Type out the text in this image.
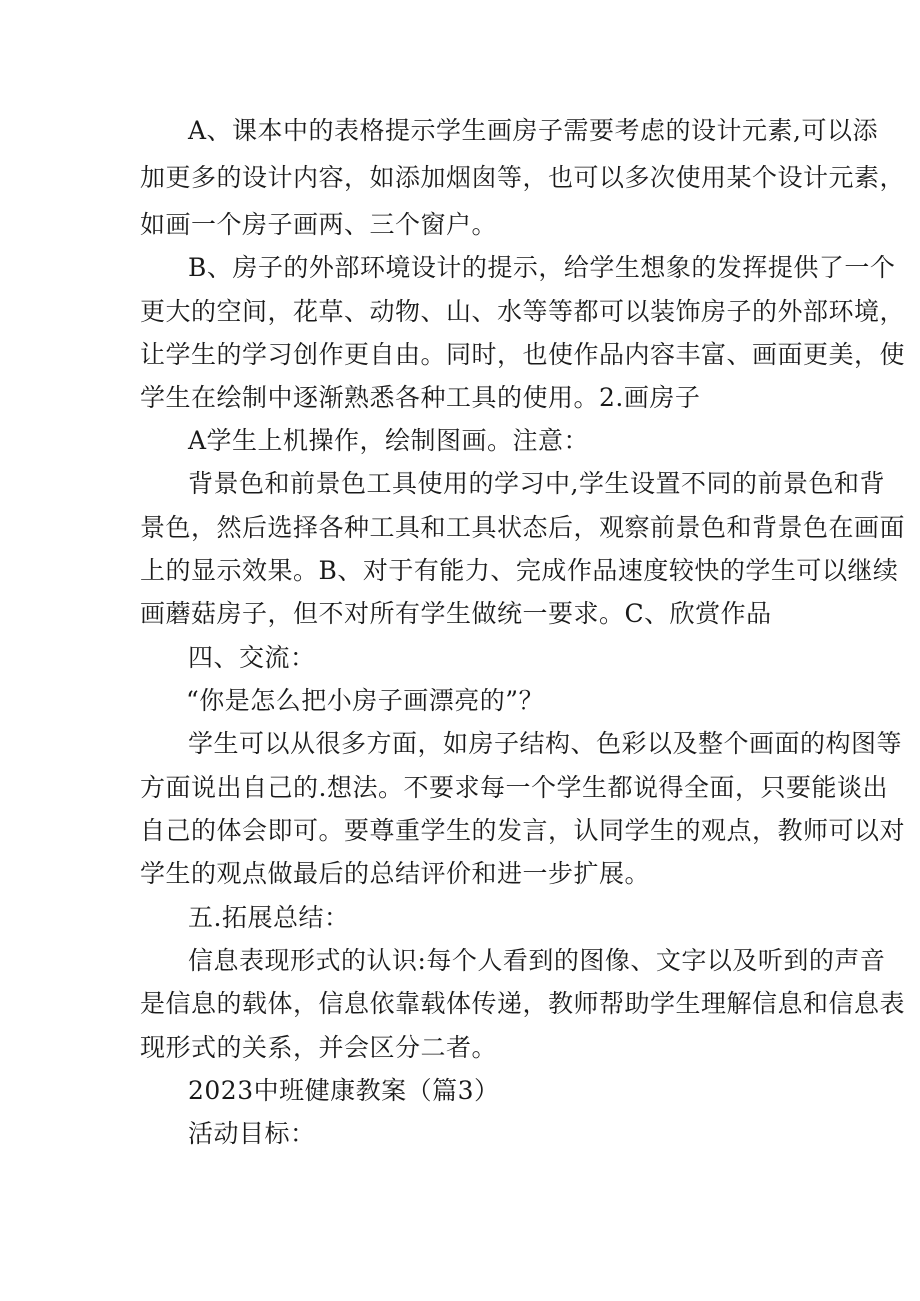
A、课本中的表格提示学生画房子需要考虑的设计元素,可以添
加更多的设计内容，如添加烟囱等，也可以多次使用某个设计元素，
如画一个房子画两、三个窗户。
B、房子的外部环境设计的提示，给学生想象的发挥提供了一个
更大的空间，花草、动物、山、水等等都可以装饰房子的外部环境，
让学生的学习创作更自由。同时，也使作品内容丰富、画面更美，使
学生在绘制中逐渐熟悉各种工具的使用。2.画房子
A学生上机操作，绘制图画。注意：
背景色和前景色工具使用的学习中,学生设置不同的前景色和背
景色，然后选择各种工具和工具状态后，观察前景色和背景色在画面
上的显示效果。B、对于有能力、完成作品速度较快的学生可以继续
画蘑菇房子，但不对所有学生做统一要求。C、欣赏作品
四、交流：
“你是怎么把小房子画漂亮的”？
学生可以从很多方面，如房子结构、色彩以及整个画面的构图等
方面说出自己的.想法。不要求每一个学生都说得全面，只要能谈出
自己的体会即可。要尊重学生的发言，认同学生的观点，教师可以对
学生的观点做最后的总结评价和进一步扩展。
五.拓展总结：
信息表现形式的认识:每个人看到的图像、文字以及听到的声音
是信息的载体，信息依靠载体传递，教师帮助学生理解信息和信息表
现形式的关系，并会区分二者。
2023中班健康教案（篇3）
活动目标：
